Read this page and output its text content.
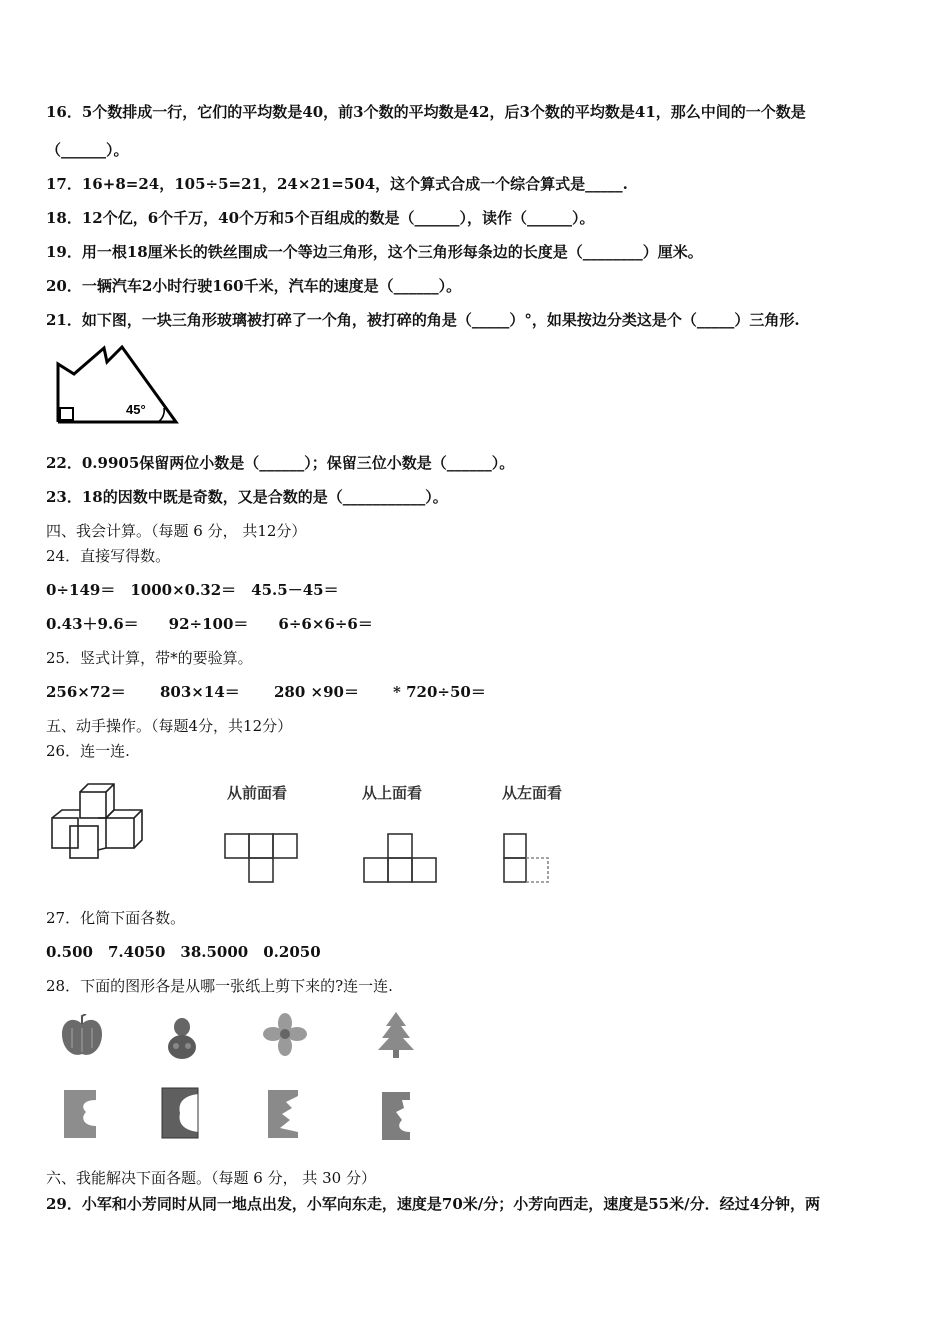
16．5个数排成一行，它们的平均数是40，前3个数的平均数是42，后3个数的平均数是41，那么中间的一个数是
（______）。
17．16+8=24，105÷5=21，24×21=504，这个算式合成一个综合算式是_____.
18．12个亿，6个千万，40个万和5个百组成的数是（______），读作（______）。
19．用一根18厘米长的铁丝围成一个等边三角形，这个三角形每条边的长度是（________）厘米。
20．一辆汽车2小时行驶160千米，汽车的速度是（______）。
21．如下图，一块三角形玻璃被打碎了一个角，被打碎的角是（_____）°，如果按边分类这是个（_____）三角形.
45°
22．0.9905保留两位小数是（______）；保留三位小数是（______）。
23．18的因数中既是奇数，又是合数的是（___________）。
四、我会计算。（每题 6 分， 共12分）
24．直接写得数。
0÷149＝　1000×0.32＝　45.5－45＝
0.43＋9.6＝　　92÷100＝　　6÷6×6÷6＝
25．竖式计算，带*的要验算。
256×72＝ 803×14＝ 280 ×90＝ * 720÷50＝
五、动手操作。（每题4分，共12分）
26．连一连.
从前面看	从上面看	从左面看
27．化简下面各数。
0.500　7.4050　38.5000　0.2050
28．下面的图形各是从哪一张纸上剪下来的?连一连.
六、我能解决下面各题。（每题 6 分， 共 30 分）
29．小军和小芳同时从同一地点出发，小军向东走，速度是70米/分；小芳向西走，速度是55米/分．经过4分钟，两
